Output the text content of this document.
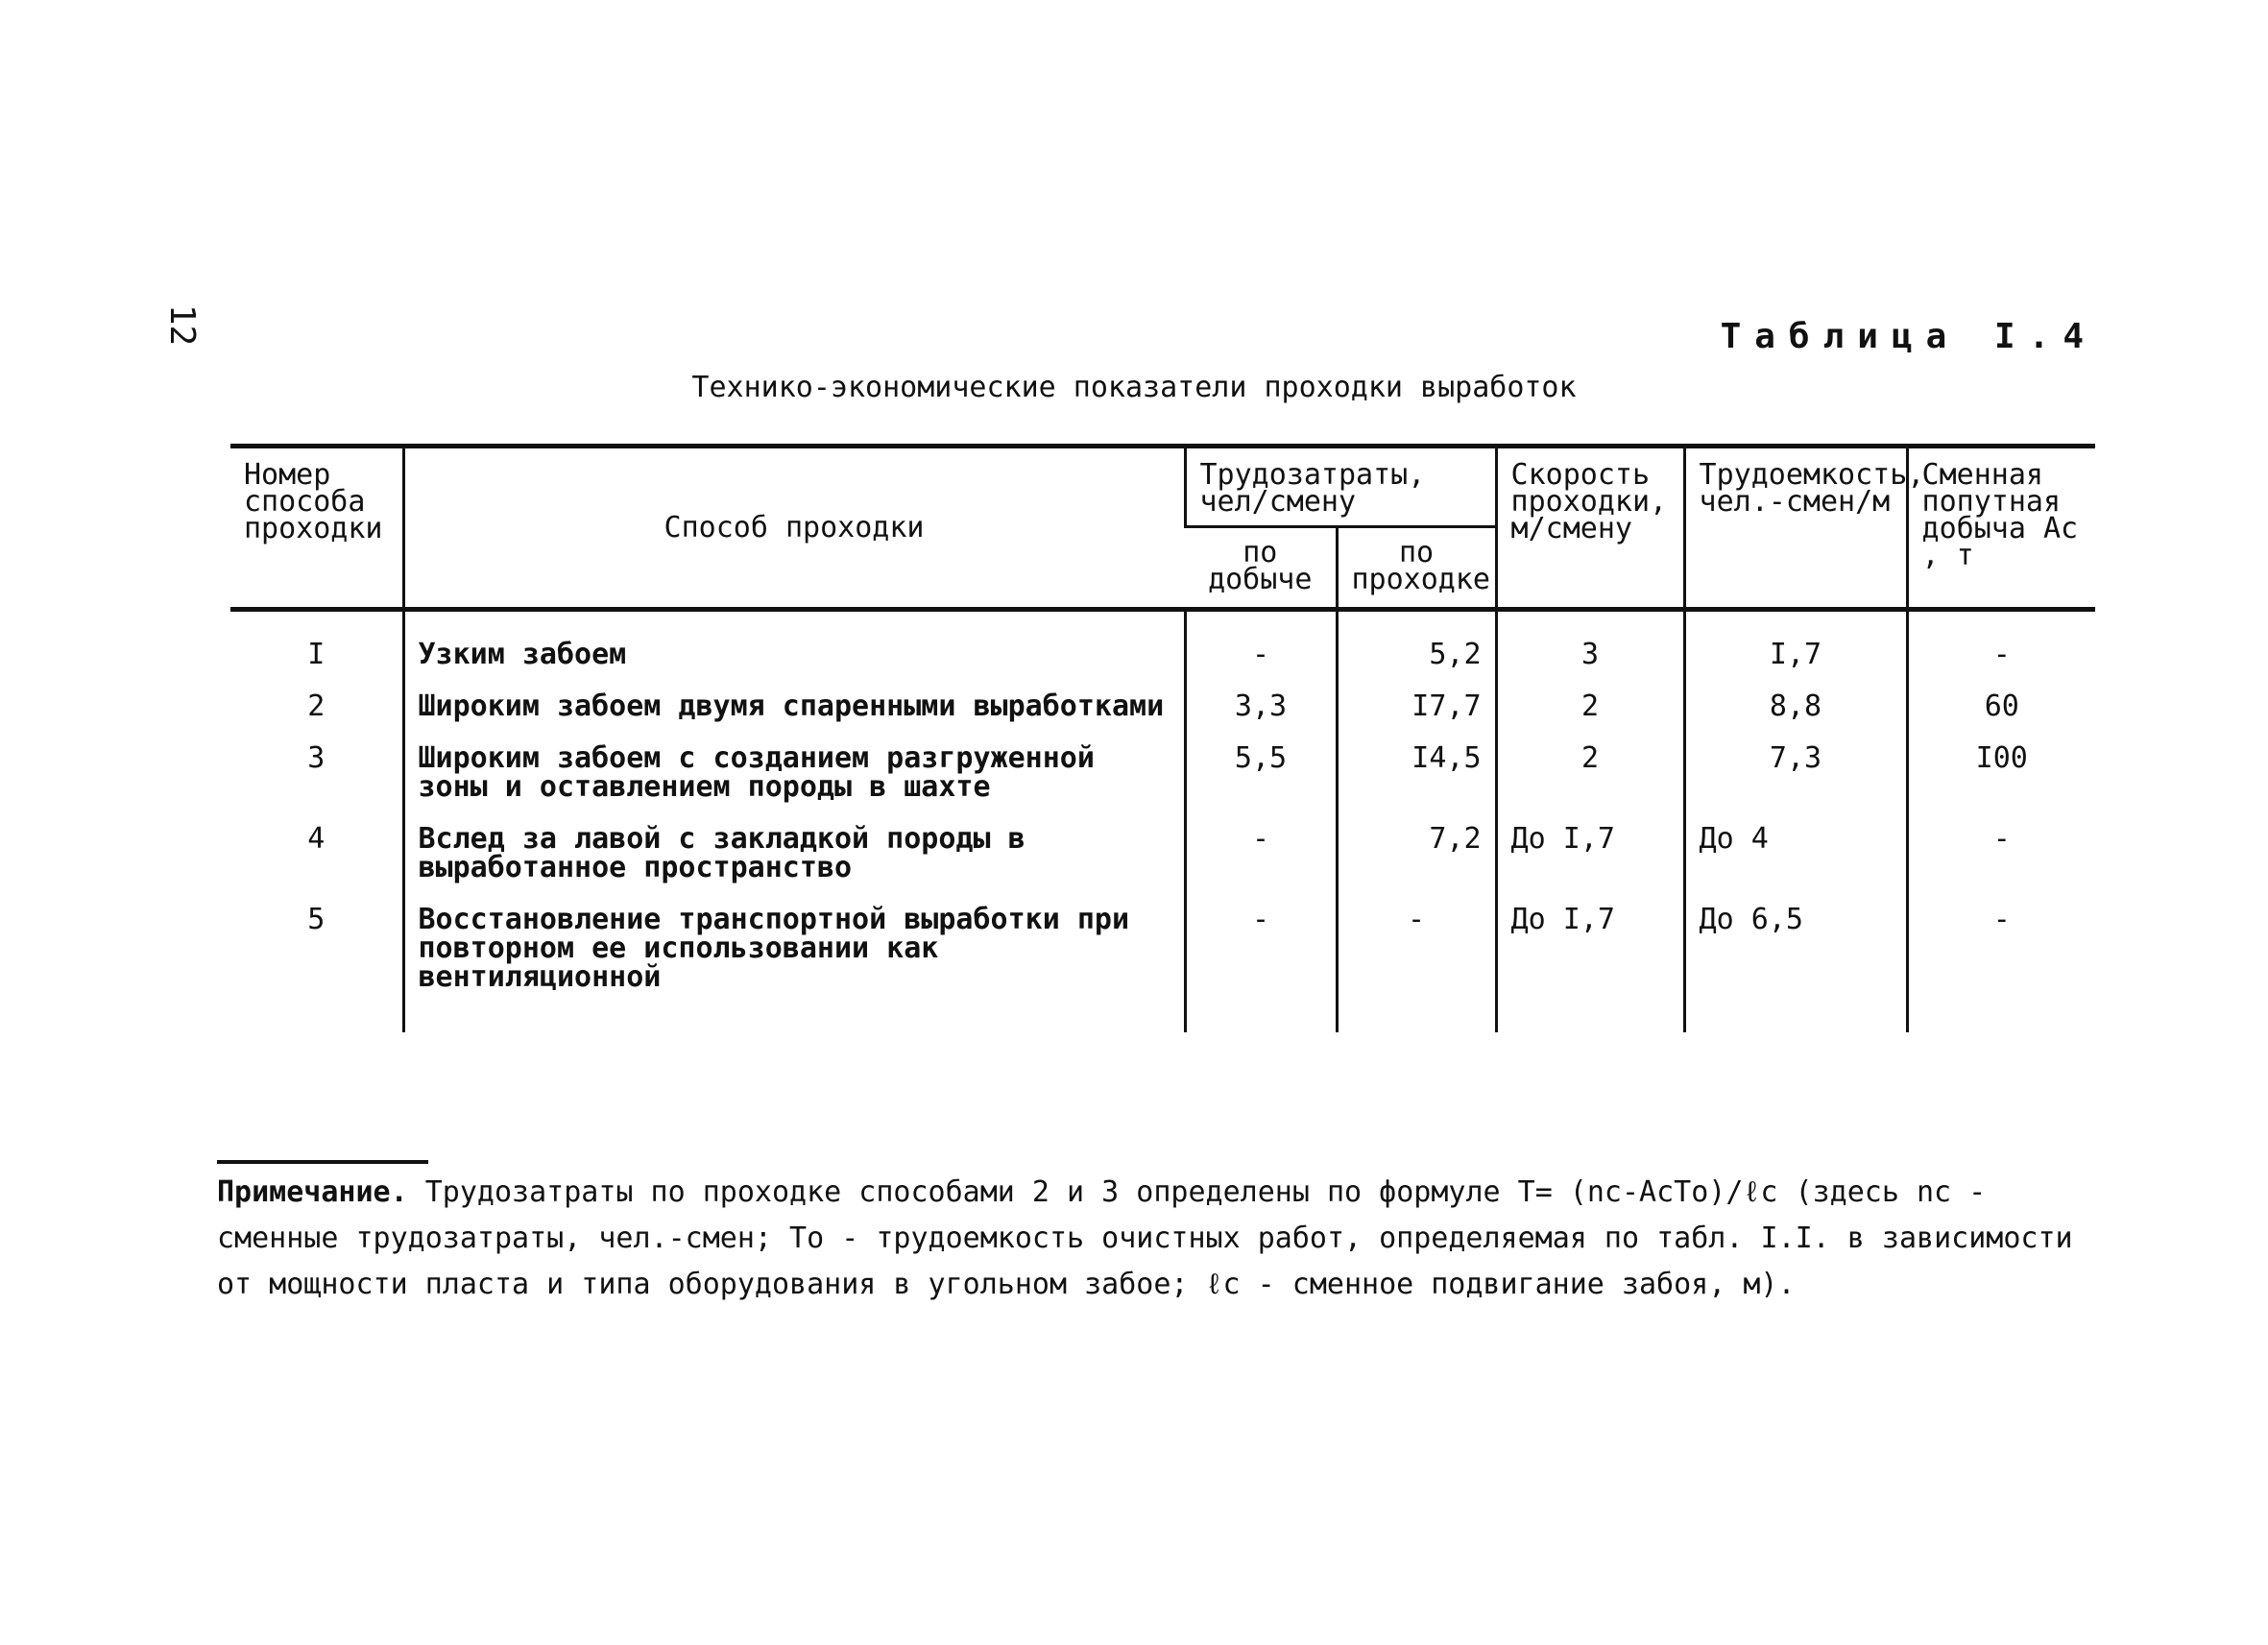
12	Таблица I.4
Технико-экономические показатели проходки выработок
Номер способа проходки	Способ проходки	Трудозатраты, чел/смену		Скорость проходки, м/смену	Трудоемкость, чел.-смен/м	Сменная попутная добыча Ас , т
		по добыче	по проходке			
I	Узким забоем	-	5,2	3	I,7	-
2	Широким забоем двумя спаренными выработками	3,3	I7,7	2	8,8	60
3	Широким забоем с созданием разгруженной зоны и оставлением породы в шахте	5,5	I4,5	2	7,3	I00
4	Вслед за лавой с закладкой породы в выработанное пространство	-	7,2	До I,7	До 4	-
5	Восстановление транспортной выработки при повторном ее использовании как вентиляционной	-	-	До I,7	До 6,5	-
Примечание. Трудозатраты по проходке способами 2 и 3 определены по формуле Т= (nс-АсТо)/ℓс (здесь nс - сменные трудозатраты, чел.-смен; То - трудоемкость очистных работ, определяемая по табл. I.I. в зависимости от мощности пласта и типа оборудования в угольном забое; ℓс - сменное подвигание забоя, м).
